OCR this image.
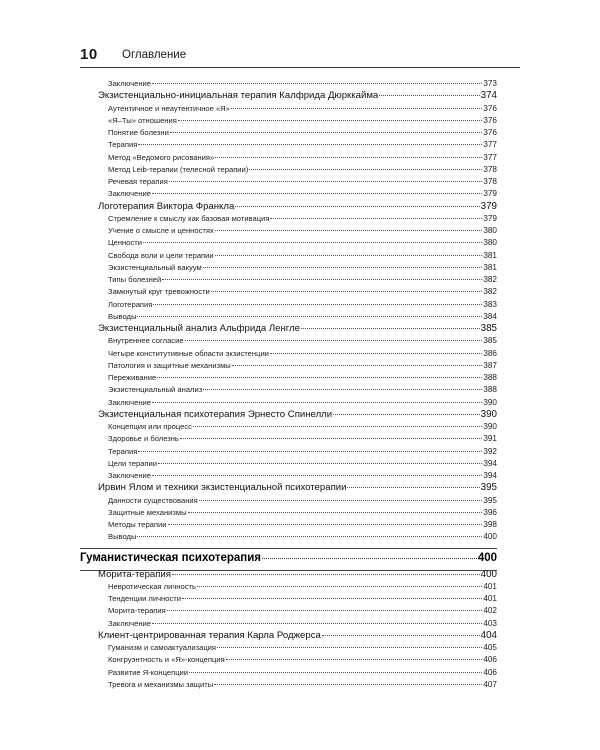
10 Оглавление
Заключение	373
Экзистенциально-инициальная терапия Калфрида Дюрккайма	374
Аутентичное и неаутентичное «Я»	376
«Я–Ты» отношения	376
Понятие болезни	376
Терапия	377
Метод «Ведомого рисования»	377
Метод Leib-терапии (телесной терапии)	378
Речевая терапия	378
Заключение	379
Логотерапия Виктора Франкла	379
Стремление к смыслу как базовая мотивация	379
Учение о смысле и ценностях	380
Ценности	380
Свобода воли и цели терапии	381
Экзистенциальный вакуум	381
Типы болезней	382
Замкнутый круг тревожности	382
Логотерапия	383
Выводы	384
Экзистенциальный анализ Альфрида Ленгле	385
Внутреннее согласие	385
Четыре конститутивные области экзистенции	386
Патология и защитные механизмы	387
Переживание	388
Экзистенциальный анализ	388
Заключение	390
Экзистенциальная психотерапия Эрнесто Спинелли	390
Концепция или процесс	390
Здоровье и болезнь	391
Терапия	392
Цели терапии	394
Заключение	394
Ирвин Ялом и техники экзистенциальной психотерапии	395
Данности существования	395
Защитные механизмы	396
Методы терапии	398
Выводы	400
Гуманистическая психотерапия	400
Морита-терапия	400
Невротическая личность	401
Тенденции личности	401
Морита-терапия	402
Заключение	403
Клиент-центрированная терапия Карла Роджерса	404
Гуманизм и самоактуализация	405
Конгруэнтность и «Я»-концепция	406
Развитие Я-концепции	406
Тревога и механизмы защиты	407
